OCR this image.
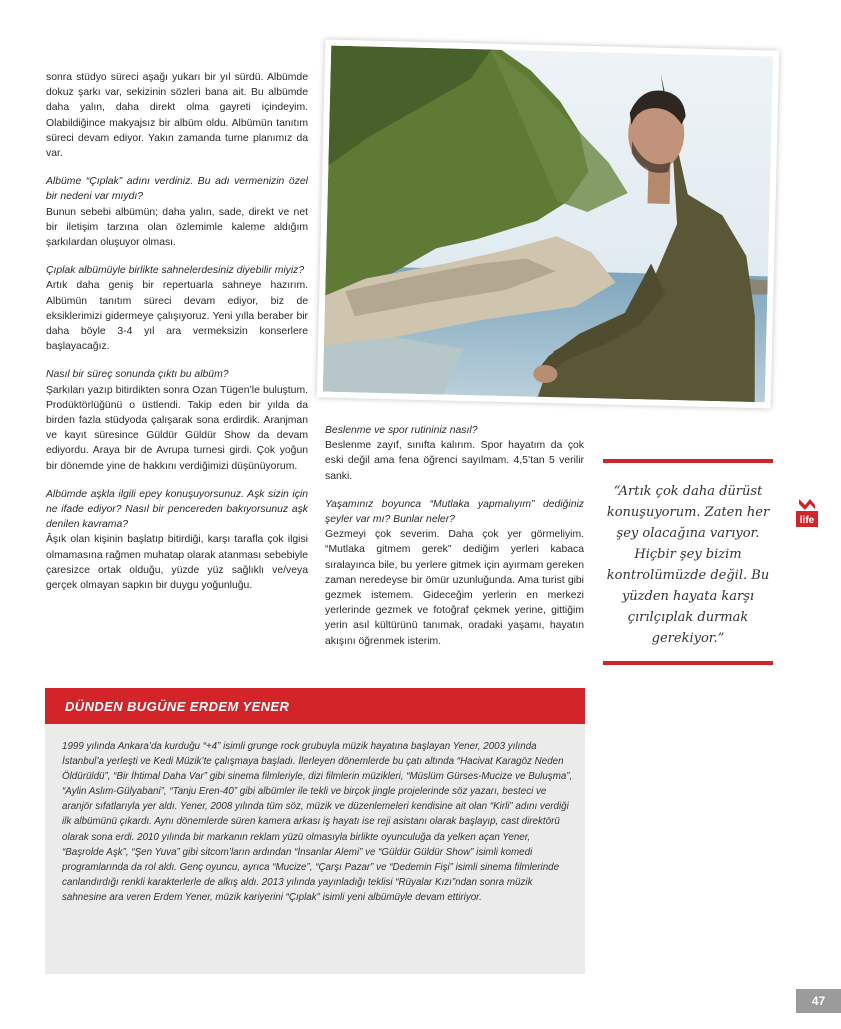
sonra stüdyo süreci aşağı yukarı bir yıl sürdü. Albümde dokuz şarkı var, sekizinin sözleri bana ait. Bu albümde daha yalın, daha direkt olma gayreti içindeyim. Olabildiğince makyajsız bir albüm oldu. Albümün tanıtım süreci devam ediyor. Yakın zamanda turne planımız da var.

Albüme “Çıplak” adını verdiniz. Bu adı vermenizin özel bir nedeni var mıydı?

Bunun sebebi albümün; daha yalın, sade, direkt ve net bir iletişim tarzına olan özlemimle kaleme aldığım şarkılardan oluşuyor olması.

Çıplak albümüyle birlikte sahnelerdesiniz diyebilir miyiz?

Artık daha geniş bir repertuarla sahneye hazırım. Albümün tanıtım süreci devam ediyor, biz de eksiklerimizi gidermeye çalışıyoruz. Yeni yılla beraber bir daha böyle 3-4 yıl ara vermeksizin konserlere başlayacağız.

Nasıl bir süreç sonunda çıktı bu albüm?

Şarkıları yazıp bitirdikten sonra Ozan Tügen’le buluştum. Prodüktörlüğünü o üstlendi. Takip eden bir yılda da birden fazla stüdyoda çalışarak sona erdirdik. Aranjman ve kayıt süresince Güldür Güldür Show da devam ediyordu. Araya bir de Avrupa turnesi girdi. Çok yoğun bir dönemde yine de hakkını verdiğimizi düşünüyorum.

Albümde aşkla ilgili epey konuşuyorsunuz. Aşk sizin için ne ifade ediyor? Nasıl bir pencereden bakıyorsunuz aşk denilen kavrama?

Âşık olan kişinin başlatıp bitirdiği, karşı tarafla çok ilgisi olmamasına rağmen muhatap olarak atanması sebebiyle çaresizce ortak olduğu, yüzde yüz sağlıklı ve/veya gerçek olmayan sapkın bir duygu yoğunluğu.

Beslenme ve spor rutininiz nasıl?

Beslenme zayıf, sınıfta kalırım. Spor hayatım da çok eski değil ama fena öğrenci sayılmam. 4,5’tan 5 verilir sanki.

Yaşamınız boyunca “Mutlaka yapmalıyım” dediğiniz şeyler var mı? Bunlar neler?

Gezmeyi çok severim. Daha çok yer görmeliyim. “Mutlaka gitmem gerek” dediğim yerleri kabaca sıralayınca bile, bu yerlere gitmek için ayırmam gereken zaman neredeyse bir ömür uzunluğunda. Ama turist gibi gezmek istemem. Gideceğim yerlerin en merkezi yerlerinde gezmek ve fotoğraf çekmek yerine, gittiğim yerin asıl kültürünü tanımak, oradaki yaşamı, hayatın akışını öğrenmek isterim.

“Artık çok daha dürüst konuşuyorum. Zaten her şey olacağına varıyor. Hiçbir şey bizim kontrolümüzde değil. Bu yüzden hayata karşı çırılçıplak durmak gerekiyor.”
life
DÜNDEN BUGÜNE ERDEM YENER
1999 yılında Ankara’da kurduğu “+4” isimli grunge rock grubuyla müzik hayatına başlayan Yener, 2003 yılında İstanbul’a yerleşti ve Kedi Müzik’te çalışmaya başladı. İlerleyen dönemlerde bu çatı altında “Hacivat Karagöz Neden Öldürüldü”, “Bir İhtimal Daha Var” gibi sinema filmleriyle, dizi filmlerin müzikleri, “Müslüm Gürses-Mucize ve Buluşma”, “Aylin Aslım-Gülyabani”, “Tanju Eren-40” gibi albümler ile tekli ve birçok jingle projelerinde söz yazarı, besteci ve aranjör sıfatlarıyla yer aldı. Yener, 2008 yılında tüm söz, müzik ve düzenlemeleri kendisine ait olan “Kirli” adını verdiği ilk albümünü çıkardı. Aynı dönemlerde süren kamera arkası iş hayatı ise reji asistanı olarak başlayıp, cast direktörü olarak sona erdi. 2010 yılında bir markanın reklam yüzü olmasıyla birlikte oyunculuğa da yelken açan Yener, “Başrolde Aşk”, “Şen Yuva” gibi sitcom’ların ardından “İnsanlar Alemi” ve “Güldür Güldür Show” isimli komedi programlarında da rol aldı. Genç oyuncu, ayrıca “Mucize”, “Çarşı Pazar” ve “Dedemin Fişi” isimli sinema filmlerinde canlandırdığı renkli karakterlerle de alkış aldı. 2013 yılında yayınladığı teklisi “Rüyalar Kızı”ndan sonra müzik sahnesine ara veren Erdem Yener, müzik kariyerini “Çıplak” isimli yeni albümüyle devam ettiriyor.
47
